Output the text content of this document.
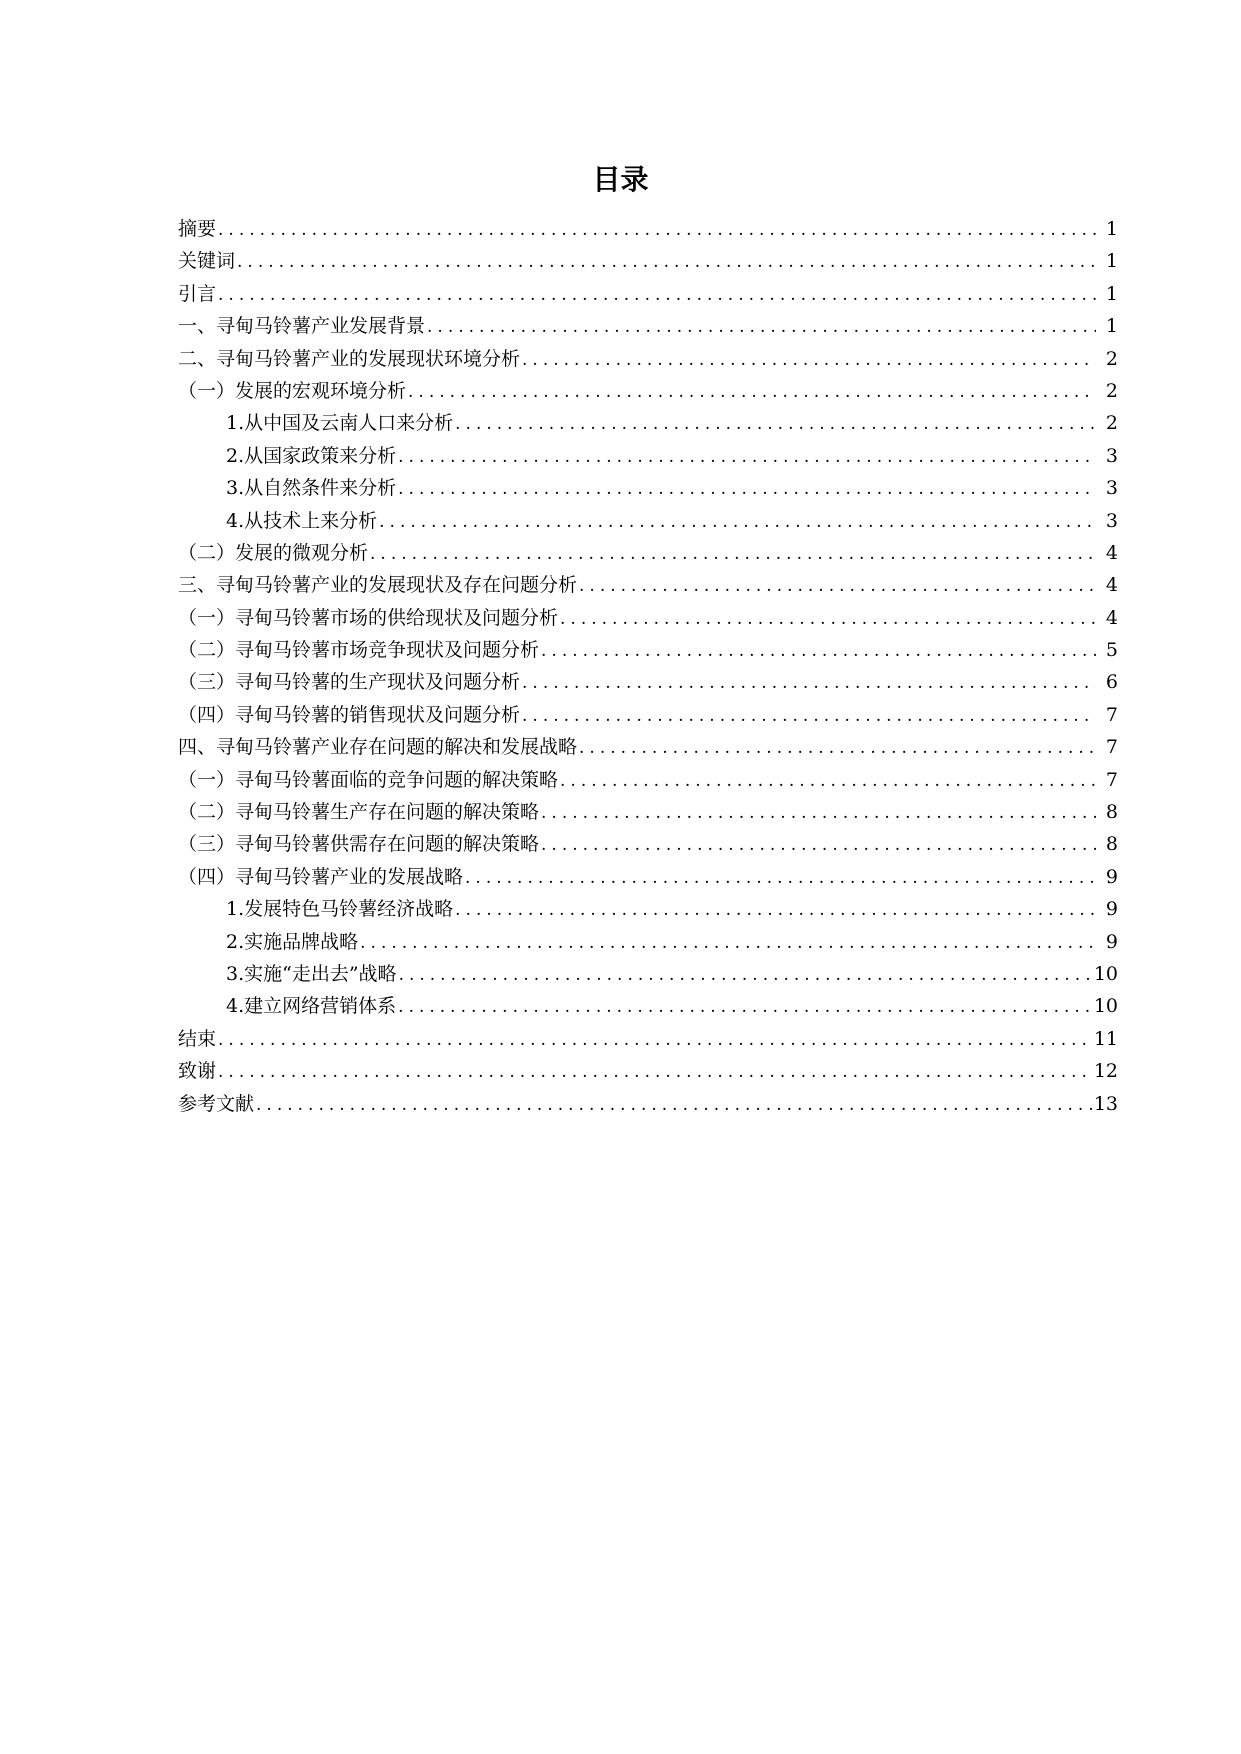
目录
摘要 .....	1
关键词 .....	1
引言 .....	1
一、寻甸马铃薯产业发展背景 .....	1
二、寻甸马铃薯产业的发展现状环境分析 .....	2
（一）发展的宏观环境分析 .....	2
1.从中国及云南人口来分析 .....	2
2.从国家政策来分析 .....	3
3.从自然条件来分析 .....	3
4.从技术上来分析 .....	3
（二）发展的微观分析 .....	4
三、寻甸马铃薯产业的发展现状及存在问题分析 .....	4
（一）寻甸马铃薯市场的供给现状及问题分析 .....	4
（二）寻甸马铃薯市场竞争现状及问题分析 .....	5
（三）寻甸马铃薯的生产现状及问题分析 .....	6
（四）寻甸马铃薯的销售现状及问题分析 .....	7
四、寻甸马铃薯产业存在问题的解决和发展战略 .....	7
（一）寻甸马铃薯面临的竞争问题的解决策略 .....	7
（二）寻甸马铃薯生产存在问题的解决策略 .....	8
（三）寻甸马铃薯供需存在问题的解决策略 .....	8
（四）寻甸马铃薯产业的发展战略 .....	9
1.发展特色马铃薯经济战略 .....	9
2.实施品牌战略 .....	9
3.实施“走出去”战略 .....	10
4.建立网络营销体系 .....	10
结束 .....	11
致谢 .....	12
参考文献 .....	13
